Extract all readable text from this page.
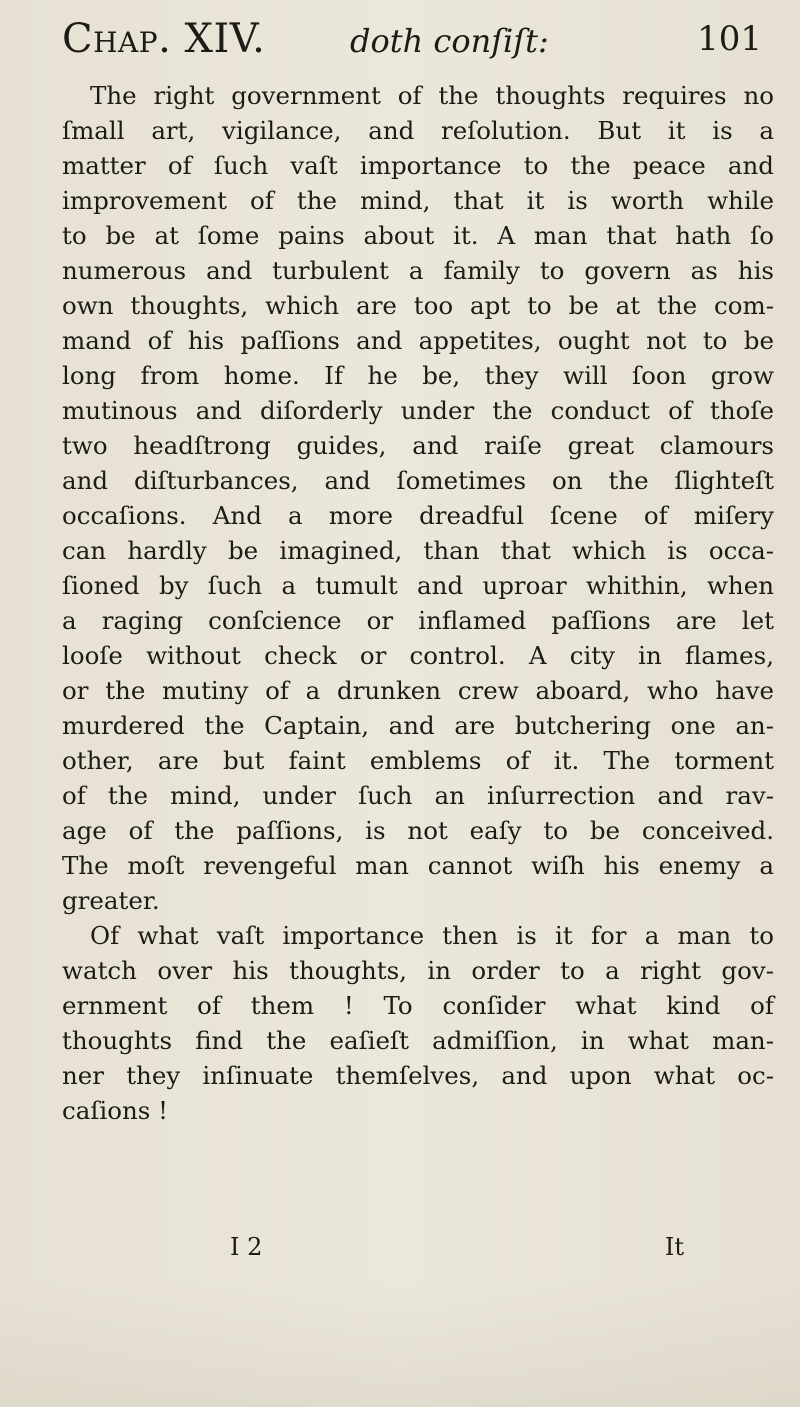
Chap. XIV.	doth conſiſt:	101
The right government of the thoughts requires no
ſmall art, vigilance, and reſolution. But it is a
matter of ſuch vaſt importance to the peace and
improvement of the mind, that it is worth while
to be at ſome pains about it. A man that hath ſo
numerous and turbulent a family to govern as his
own thoughts, which are too apt to be at the com-
mand of his paſſions and appetites, ought not to be
long from home. If he be, they will ſoon grow
mutinous and diſorderly under the conduct of thoſe
two headſtrong guides, and raiſe great clamours
and diſturbances, and ſometimes on the ſlighteſt
occaſions. And a more dreadful ſcene of miſery
can hardly be imagined, than that which is occa-
ſioned by ſuch a tumult and uproar whithin, when
a raging conſcience or inflamed paſſions are let
looſe without check or control. A city in flames,
or the mutiny of a drunken crew aboard, who have
murdered the Captain, and are butchering one an-
other, are but faint emblems of it. The torment
of the mind, under ſuch an inſurrection and rav-
age of the paſſions, is not eaſy to be conceived.
The moſt revengeful man cannot wiſh his enemy a
greater.
Of what vaſt importance then is it for a man to
watch over his thoughts, in order to a right gov-
ernment of them ! To conſider what kind of
thoughts find the eaſieſt admiſſion, in what man-
ner they inſinuate themſelves, and upon what oc-
caſions !
I 2	It
